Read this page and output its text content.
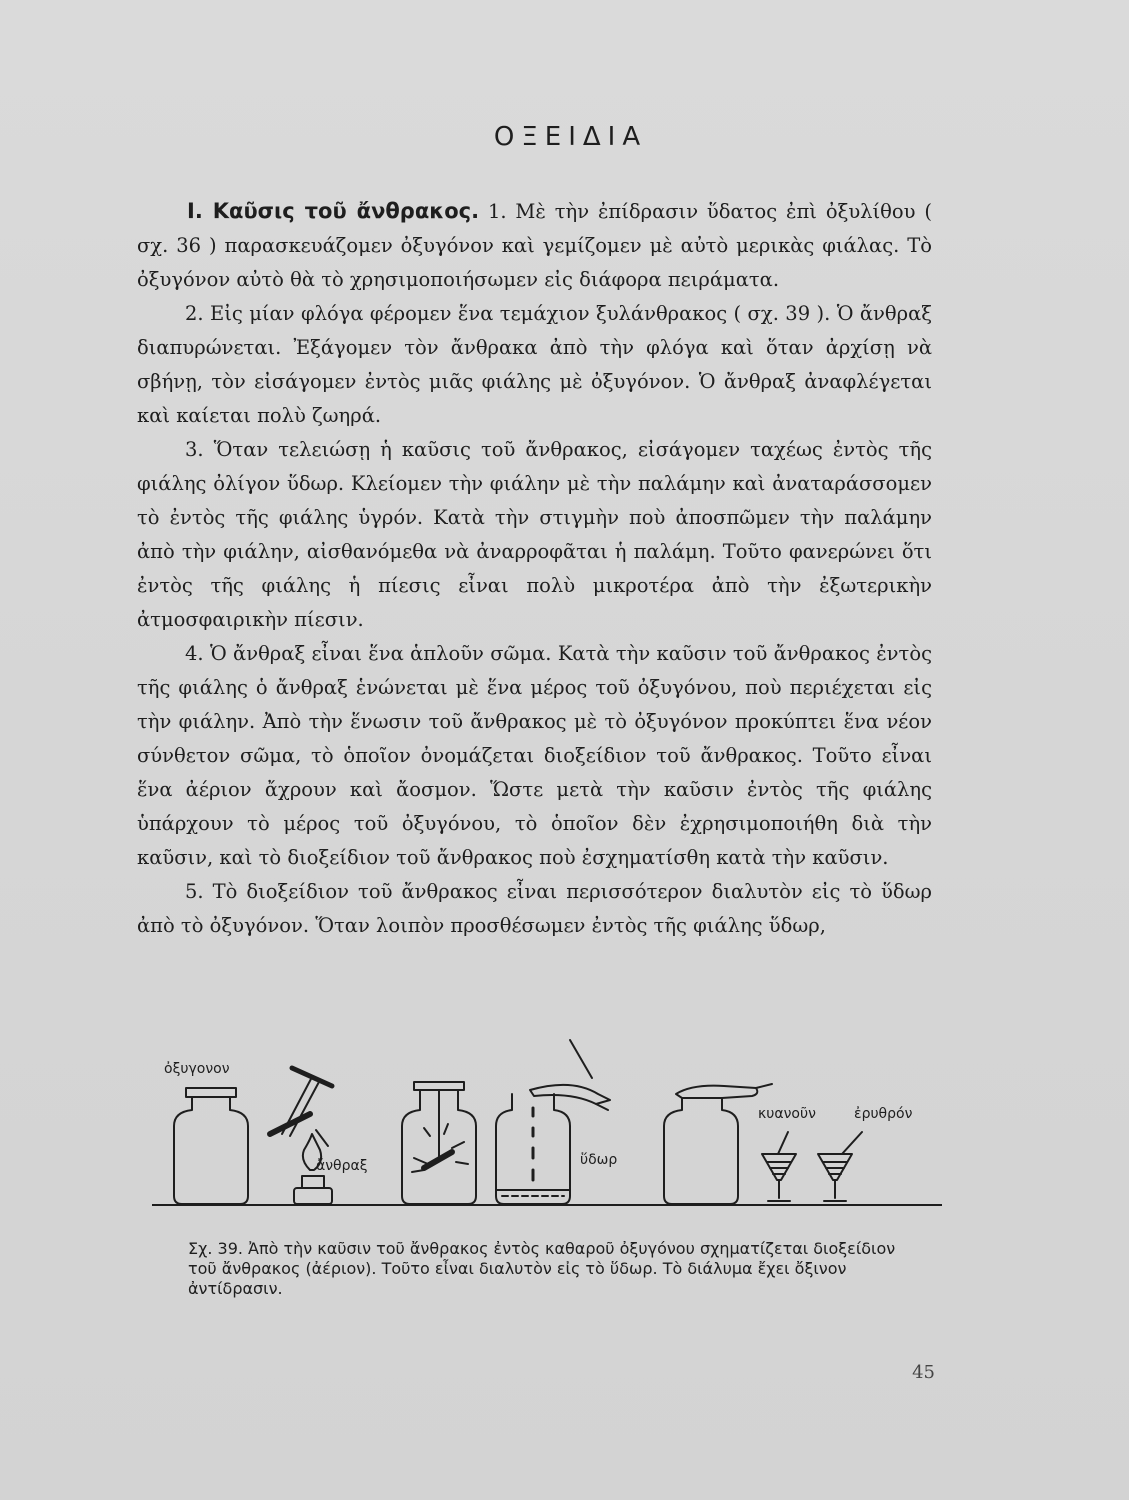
ΟΞΕΙΔΙΑ

Ι. Καῦσις τοῦ ἄνθρακος. 1. Μὲ τὴν ἐπίδρασιν ὕδατος ἐπὶ ὀξυλίθου ( σχ. 36 ) παρασκευάζομεν ὀξυγόνον καὶ γεμίζομεν μὲ αὐτὸ μερικὰς φιάλας. Τὸ ὀξυγόνον αὐτὸ θὰ τὸ χρησιμοποιήσωμεν εἰς διάφορα πειράματα.

2. Εἰς μίαν φλόγα φέρομεν ἕνα τεμάχιον ξυλάνθρακος ( σχ. 39 ). Ὁ ἄνθραξ διαπυρώνεται. Ἐξάγομεν τὸν ἄνθρακα ἀπὸ τὴν φλόγα καὶ ὅταν ἀρχίσῃ νὰ σβήνῃ, τὸν εἰσάγομεν ἐντὸς μιᾶς φιάλης μὲ ὀξυγόνον. Ὁ ἄνθραξ ἀναφλέγεται καὶ καίεται πολὺ ζωηρά.

3. Ὅταν τελειώσῃ ἡ καῦσις τοῦ ἄνθρακος, εἰσάγομεν ταχέως ἐντὸς τῆς φιάλης ὀλίγον ὕδωρ. Κλείομεν τὴν φιάλην μὲ τὴν παλάμην καὶ ἀναταράσσομεν τὸ ἐντὸς τῆς φιάλης ὑγρόν. Κατὰ τὴν στιγμὴν ποὺ ἀποσπῶμεν τὴν παλάμην ἀπὸ τὴν φιάλην, αἰσθανόμεθα νὰ ἀναρροφᾶται ἡ παλάμη. Τοῦτο φανερώνει ὅτι ἐντὸς τῆς φιάλης ἡ πίεσις εἶναι πολὺ μικροτέρα ἀπὸ τὴν ἐξωτερικὴν ἀτμοσφαιρικὴν πίεσιν.

4. Ὁ ἄνθραξ εἶναι ἕνα ἁπλοῦν σῶμα. Κατὰ τὴν καῦσιν τοῦ ἄνθρακος ἐντὸς τῆς φιάλης ὁ ἄνθραξ ἑνώνεται μὲ ἕνα μέρος τοῦ ὀξυγόνου, ποὺ περιέχεται εἰς τὴν φιάλην. Ἀπὸ τὴν ἕνωσιν τοῦ ἄνθρακος μὲ τὸ ὀξυγόνον προκύπτει ἕνα νέον σύνθετον σῶμα, τὸ ὁποῖον ὀνομάζεται διοξείδιον τοῦ ἄνθρακος. Τοῦτο εἶναι ἕνα ἀέριον ἄχρουν καὶ ἄοσμον. Ὥστε μετὰ τὴν καῦσιν ἐντὸς τῆς φιάλης ὑπάρχουν τὸ μέρος τοῦ ὀξυγόνου, τὸ ὁποῖον δὲν ἐχρησιμοποιήθη διὰ τὴν καῦσιν, καὶ τὸ διοξείδιον τοῦ ἄνθρακος ποὺ ἐσχηματίσθη κατὰ τὴν καῦσιν.

5. Τὸ διοξείδιον τοῦ ἄνθρακος εἶναι περισσότερον διαλυτὸν εἰς τὸ ὕδωρ ἀπὸ τὸ ὀξυγόνον. Ὅταν λοιπὸν προσθέσωμεν ἐντὸς τῆς φιάλης ὕδωρ,

ὀξυγονον
ἄνθραξ	ὕδωρ
κυανοῦν	ἐρυθρόν
Σχ. 39. Ἀπὸ τὴν καῦσιν τοῦ ἄνθρακος ἐντὸς καθαροῦ ὀξυγόνου σχηματίζεται διοξείδιον τοῦ ἄνθρακος (ἀέριον). Τοῦτο εἶναι διαλυτὸν εἰς τὸ ὕδωρ. Τὸ διάλυμα ἔχει ὄξινον ἀντίδρασιν.
45
